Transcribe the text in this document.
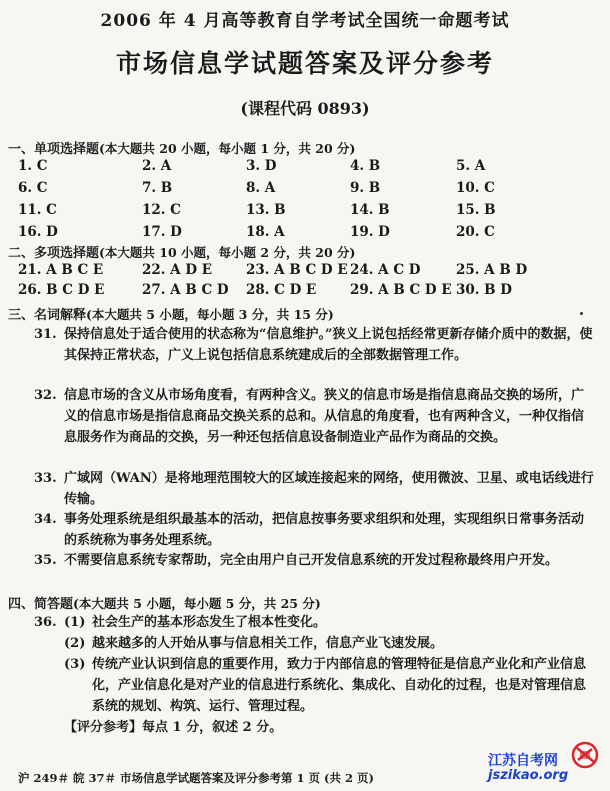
2006 年 4 月高等教育自学考试全国统一命题考试
市场信息学试题答案及评分参考
(课程代码 0893)
一、单项选择题(本大题共 20 小题，每小题 1 分，共 20 分)
1. C	2. A	3. D	4. B	5. A
6. C	7. B	8. A	9. B	10. C
11. C	12. C	13. B	14. B	15. B
16. D	17. D	18. A	19. D	20. C
二、多项选择题(本大题共 10 小题，每小题 2 分，共 20 分)
21. A B C E	22. A D E	23. A B C D E 24. A C D	25. A B D
26. B C D E	27. A B C D 28. C D E 29. A B C D E 30. B D
三、名词解释(本大题共 5 小题，每小题 3 分，共 15 分)
31. 保持信息处于适合使用的状态称为“信息维护。”狭义上说包括经常更新存储介质中的数据，使其保持正常状态，广义上说包括信息系统建成后的全部数据管理工作。
32. 信息市场的含义从市场角度看，有两种含义。狭义的信息市场是指信息商品交换的场所，广义的信息市场是指信息商品交换关系的总和。从信息的角度看，也有两种含义，一种仅指信息服务作为商品的交换，另一种还包括信息设备制造业产品作为商品的交换。
33. 广域网（WAN）是将地理范围较大的区域连接起来的网络，使用微波、卫星、或电话线进行传输。
34. 事务处理系统是组织最基本的活动，把信息按事务要求组织和处理，实现组织日常事务活动的系统称为事务处理系统。
35. 不需要信息系统专家帮助，完全由用户自己开发信息系统的开发过程称最终用户开发。
四、简答题(本大题共 5 小题，每小题 5 分，共 25 分)
36. (1) 社会生产的基本形态发生了根本性变化。
(2) 越来越多的人开始从事与信息相关工作，信息产业飞速发展。
(3) 传统产业认识到信息的重要作用，致力于内部信息的管理特征是信息产业化和产业信息化，产业信息化是对产业的信息进行系统化、集成化、自动化的过程，也是对管理信息系统的规划、构筑、运行、管理过程。
【评分参考】每点 1 分，叙述 2 分。
沪 249＃ 皖 37＃ 市场信息学试题答案及评分参考第 1 页 (共 2 页)
江苏自考网
jszikao.org
